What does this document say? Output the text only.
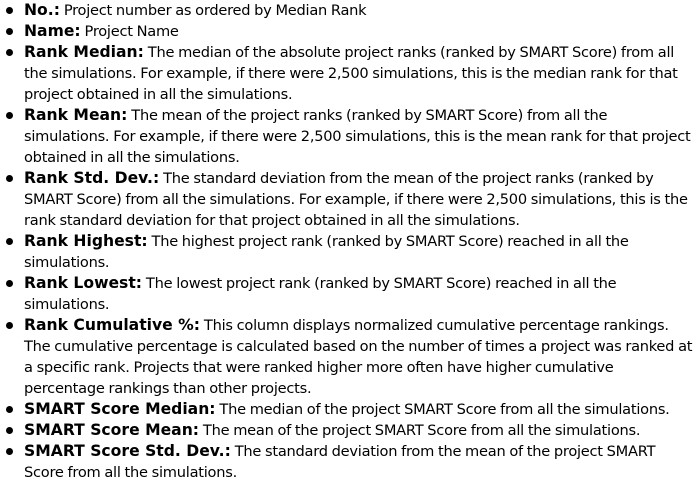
No.: Project number as ordered by Median Rank
Name: Project Name
Rank Median: The median of the absolute project ranks (ranked by SMART Score) from all the simulations. For example, if there were 2,500 simulations, this is the median rank for that project obtained in all the simulations.
Rank Mean: The mean of the project ranks (ranked by SMART Score) from all the simulations. For example, if there were 2,500 simulations, this is the mean rank for that project obtained in all the simulations.
Rank Std. Dev.: The standard deviation from the mean of the project ranks (ranked by SMART Score) from all the simulations. For example, if there were 2,500 simulations, this is the rank standard deviation for that project obtained in all the simulations.
Rank Highest: The highest project rank (ranked by SMART Score) reached in all the simulations.
Rank Lowest: The lowest project rank (ranked by SMART Score) reached in all the simulations.
Rank Cumulative %: This column displays normalized cumulative percentage rankings. The cumulative percentage is calculated based on the number of times a project was ranked at a specific rank. Projects that were ranked higher more often have higher cumulative percentage rankings than other projects.
SMART Score Median: The median of the project SMART Score from all the simulations.
SMART Score Mean: The mean of the project SMART Score from all the simulations.
SMART Score Std. Dev.: The standard deviation from the mean of the project SMART Score from all the simulations.
